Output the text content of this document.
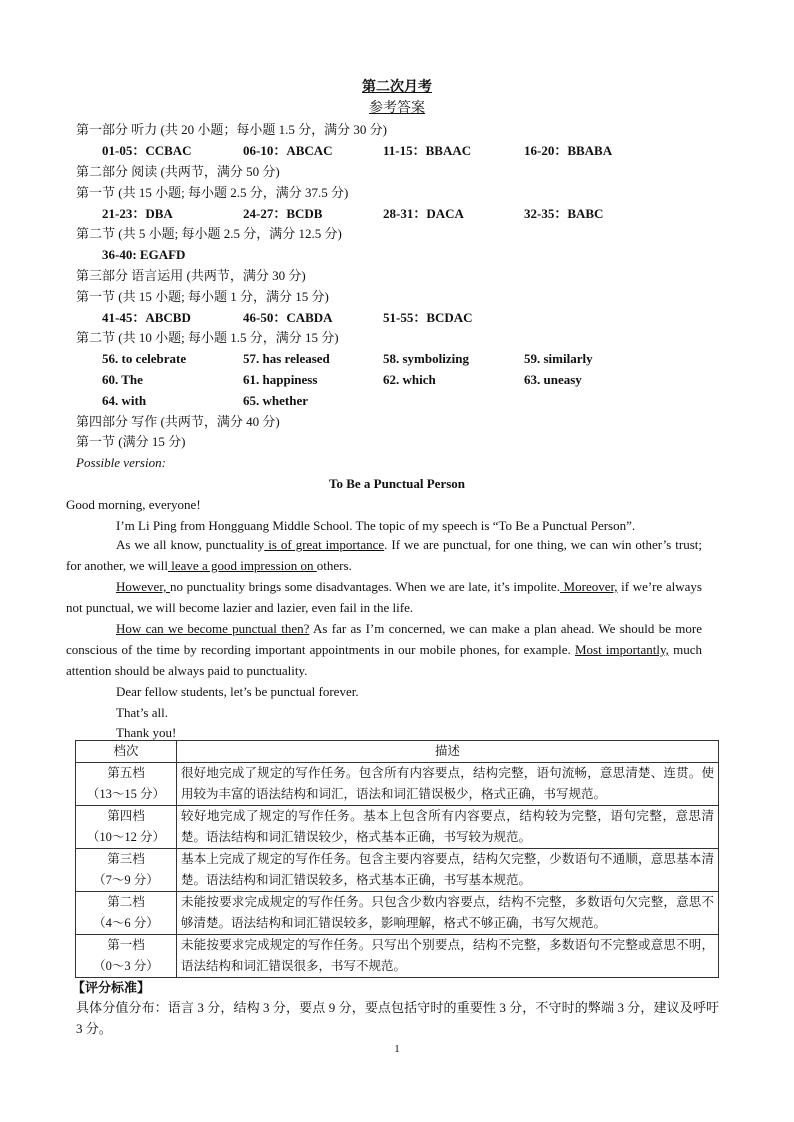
第二次月考
参考答案
第一部分 听力 (共 20 小题；每小题 1.5 分，满分 30 分)
01-05：CCBAC	06-10：ABCAC	11-15：BBAAC	16-20：BBABA
第二部分 阅读 (共两节，满分 50 分)
第一节 (共 15 小题; 每小题 2.5 分，满分 37.5 分)
21-23：DBA	24-27：BCDB	28-31：DACA	32-35：BABC
第二节 (共 5 小题; 每小题 2.5 分，满分 12.5 分)
36-40: EGAFD
第三部分 语言运用 (共两节，满分 30 分)
第一节 (共 15 小题; 每小题 1 分，满分 15 分)
41-45：ABCBD	46-50：CABDA	51-55：BCDAC
第二节 (共 10 小题; 每小题 1.5 分，满分 15 分)
56. to celebrate	57. has released	58. symbolizing	59. similarly
60. The	61. happiness	62. which	63. uneasy
64. with	65. whether
第四部分 写作 (共两节，满分 40 分)
第一节 (满分 15 分)
Possible version:
To Be a Punctual Person
Good morning, everyone!
I’m Li Ping from Hongguang Middle School. The topic of my speech is “To Be a Punctual Person”.
As we all know, punctuality is of great importance. If we are punctual, for one thing, we can win other’s trust; for another, we will leave a good impression on others.
However, no punctuality brings some disadvantages. When we are late, it’s impolite. Moreover, if we’re always not punctual, we will become lazier and lazier, even fail in the life.
How can we become punctual then? As far as I’m concerned, we can make a plan ahead. We should be more conscious of the time by recording important appointments in our mobile phones, for example. Most importantly, much attention should be always paid to punctuality.
Dear fellow students, let’s be punctual forever.
That’s all.
Thank you!
档次	描述

第五档
（13～15 分）	很好地完成了规定的写作任务。包含所有内容要点，结构完整，语句流畅，意思清楚、连贯。使用较为丰富的语法结构和词汇，语法和词汇错误极少，格式正确，书写规范。

第四档
（10～12 分）	较好地完成了规定的写作任务。基本上包含所有内容要点，结构较为完整，语句完整，意思清楚。语法结构和词汇错误较少，格式基本正确，书写较为规范。

第三档
（7～9 分）	基本上完成了规定的写作任务。包含主要内容要点，结构欠完整，少数语句不通顺，意思基本清楚。语法结构和词汇错误较多，格式基本正确，书写基本规范。

第二档
（4～6 分）	未能按要求完成规定的写作任务。只包含少数内容要点，结构不完整，多数语句欠完整，意思不够清楚。语法结构和词汇错误较多，影响理解，格式不够正确，书写欠规范。

第一档
（0～3 分）	未能按要求完成规定的写作任务。只写出个别要点，结构不完整，多数语句不完整或意思不明，语法结构和词汇错误很多，书写不规范。
【评分标准】
具体分值分布：语言 3 分，结构 3 分，要点 9 分，要点包括守时的重要性 3 分，不守时的弊端 3 分，建议及呼吁 3 分。
1
